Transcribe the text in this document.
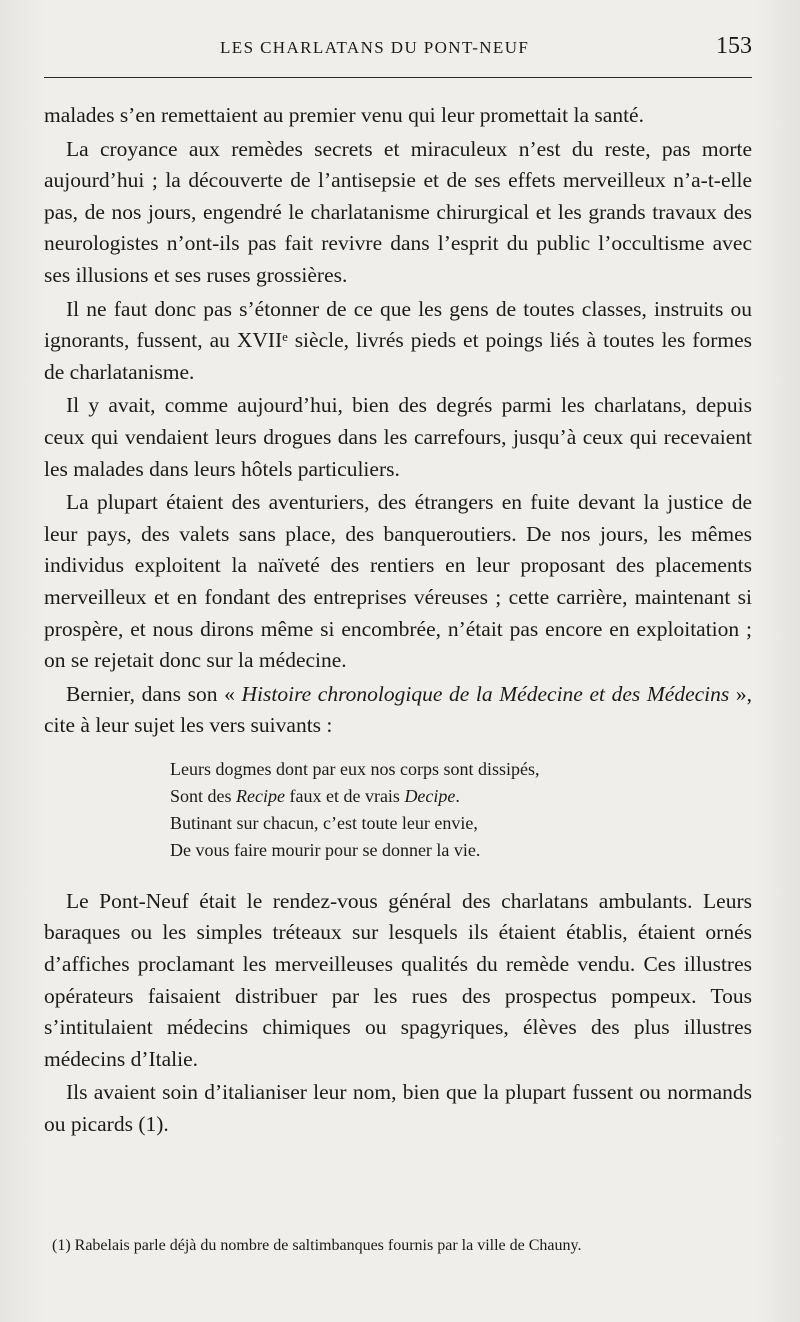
LES CHARLATANS DU PONT-NEUF	153

malades s’en remettaient au premier venu qui leur promettait la santé.

La croyance aux remèdes secrets et miraculeux n’est du reste, pas morte aujourd’hui ; la découverte de l’antisepsie et de ses effets merveilleux n’a-t-elle pas, de nos jours, engendré le charlatanisme chirurgical et les grands travaux des neurologistes n’ont-ils pas fait revivre dans l’esprit du public l’occultisme avec ses illusions et ses ruses grossières.

Il ne faut donc pas s’étonner de ce que les gens de toutes classes, instruits ou ignorants, fussent, au XVIIᵉ siècle, livrés pieds et poings liés à toutes les formes de charlatanisme.

Il y avait, comme aujourd’hui, bien des degrés parmi les charlatans, depuis ceux qui vendaient leurs drogues dans les carrefours, jusqu’à ceux qui recevaient les malades dans leurs hôtels particuliers.

La plupart étaient des aventuriers, des étrangers en fuite devant la justice de leur pays, des valets sans place, des banqueroutiers. De nos jours, les mêmes individus exploitent la naïveté des rentiers en leur proposant des placements merveilleux et en fondant des entreprises véreuses ; cette carrière, maintenant si prospère, et nous dirons même si encombrée, n’était pas encore en exploitation ; on se rejetait donc sur la médecine.

Bernier, dans son « Histoire chronologique de la Médecine et des Médecins », cite à leur sujet les vers suivants :

Leurs dogmes dont par eux nos corps sont dissipés,
Sont des Recipe faux et de vrais Decipe.
Butinant sur chacun, c’est toute leur envie,
De vous faire mourir pour se donner la vie.

Le Pont-Neuf était le rendez-vous général des charlatans ambulants. Leurs baraques ou les simples tréteaux sur lesquels ils étaient établis, étaient ornés d’affiches proclamant les merveilleuses qualités du remède vendu. Ces illustres opérateurs faisaient distribuer par les rues des prospectus pompeux. Tous s’intitulaient médecins chimiques ou spagyriques, élèves des plus illustres médecins d’Italie.

Ils avaient soin d’italianiser leur nom, bien que la plupart fussent ou normands ou picards (1).

(1) Rabelais parle déjà du nombre de saltimbanques fournis par la ville de Chauny.
